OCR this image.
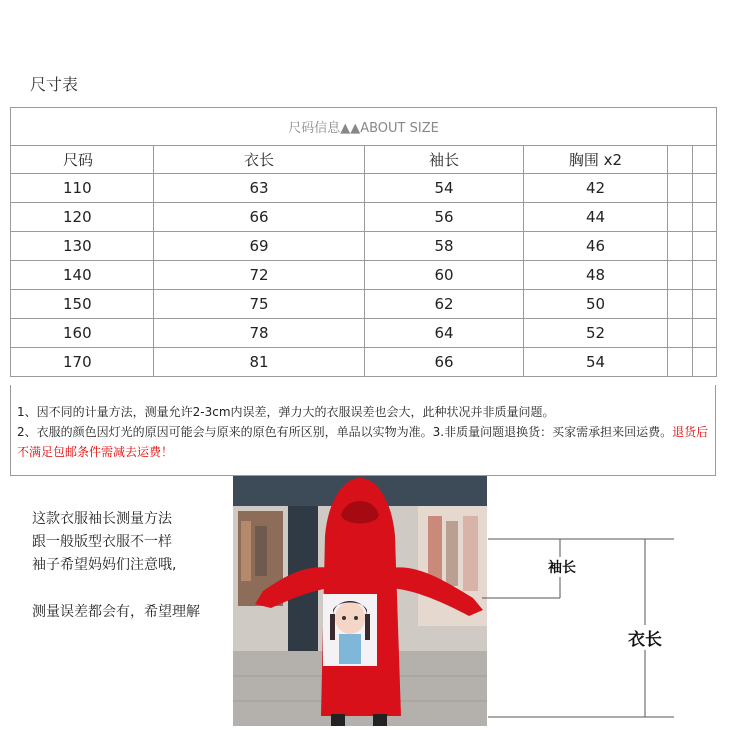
尺寸表
尺码信息▲▲ABOUT SIZE					
尺码	衣长	袖长	胸围 x2		
110	63	54	42		
120	66	56	44		
130	69	58	46		
140	72	60	48		
150	75	62	50		
160	78	64	52		
170	81	66	54		
1、因不同的计量方法，测量允许2-3cm内误差，弹力大的衣服误差也会大，此种状况并非质量问题。
2、衣服的颜色因灯光的原因可能会与原来的原色有所区别，单品以实物为准。3.非质量问题退换货：买家需承担来回运费。退货后不满足包邮条件需减去运费！
这款衣服袖长测量方法
跟一般版型衣服不一样
袖子希望妈妈们注意哦,
测量误差都会有，希望理解
袖长
衣长
